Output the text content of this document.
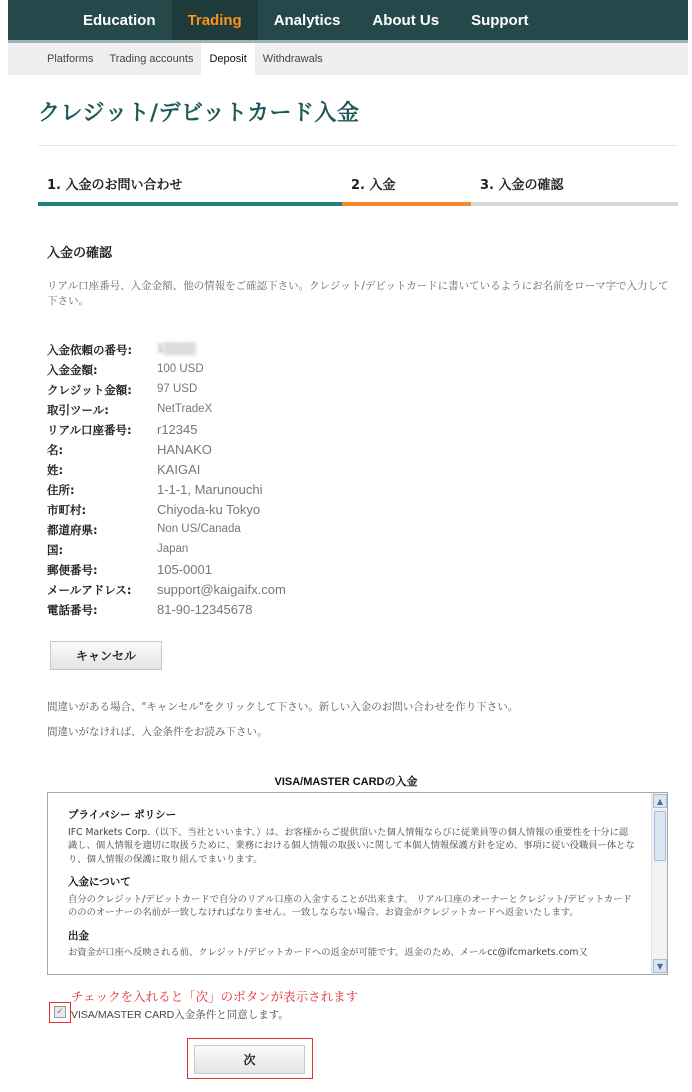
Education	Trading	Analytics	About Us	Support
Platforms	Trading accounts	Deposit	Withdrawals
クレジット/デビットカード入金
1. 入金のお問い合わせ	2. 入金	3. 入金の確認
入金の確認
リアル口座番号、入金金額、他の情報をご確認下さい。クレジット/デビットカードに書いているようにお名前をローマ字で入力して下さい。
入金依頼の番号: 1▒▒▒▒
入金金額:	100 USD
クレジット金額: 97 USD
取引ツール:	NetTradeX
リアル口座番号: r12345
名:	HANAKO
姓:	KAIGAI
住所:	1-1-1, Marunouchi
市町村:	Chiyoda-ku Tokyo
都道府県:	Non US/Canada
国:	Japan
郵便番号:	105-0001
メールアドレス: support@kaigaifx.com
電話番号:	81-90-12345678
キャンセル
間違いがある場合、"キャンセル"をクリックして下さい。新しい入金のお問い合わせを作り下さい。
間違いがなければ、入金条件をお読み下さい。
VISA/MASTER CARDの入金
プライバシー ポリシー
IFC Markets Corp.（以下、当社といいます。）は、お客様からご提供頂いた個人情報ならびに従業員等の個人情報の重要性を十分に認識し、個人情報を適切に取扱うために、業務における個人情報の取扱いに関して本個人情報保護方針を定め、事項に従い役職員ー体となり、個人情報の保護に取り組んでまいります。
入金について
自分のクレジット/デビットカードで自分のリアル口座の入金することが出来ます。 リアル口座のオーナーとクレジット/デビットカードのののオーナーの名前が一致しなければなりません。一致しならない場合、お資金がクレジットカードへ返金いたします。
出金
お資金が口座へ反映される前、クレジット/デビットカードへの返金が可能です。返金のため、メールcc@ifcmarkets.com又
▲
▼
チェックを入れると「次」のボタンが表示されます
✓ VISA/MASTER CARD入金条件と同意します。
次
